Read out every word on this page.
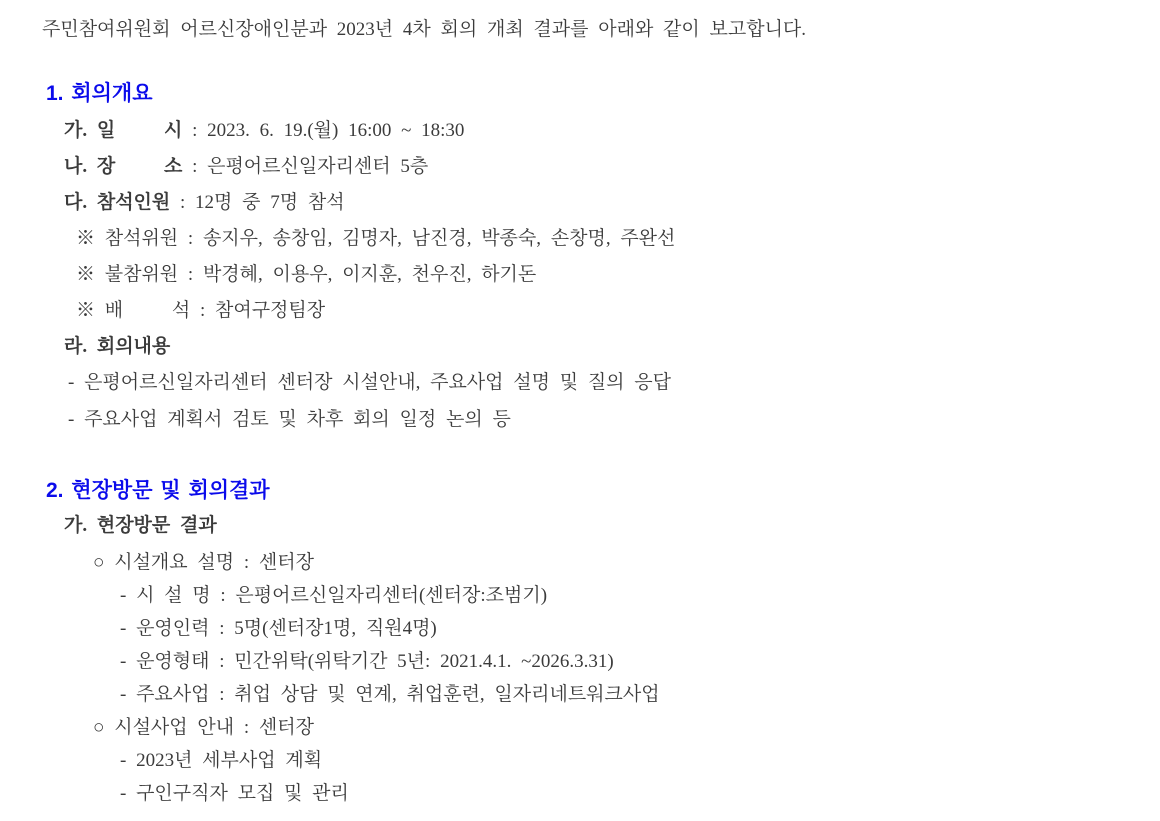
주민참여위원회 어르신장애인분과 2023년 4차 회의 개최 결과를 아래와 같이 보고합니다.
1. 회의개요
가. 일     시 : 2023. 6. 19.(월) 16:00 ~ 18:30
나. 장     소 : 은평어르신일자리센터 5층
다. 참석인원 : 12명 중 7명 참석
※ 참석위원 : 송지우, 송창임, 김명자, 남진경, 박종숙, 손창명, 주완선
※ 불참위원 : 박경혜, 이용우, 이지훈, 천우진, 하기돈
※ 배     석 : 참여구정팀장
라. 회의내용
- 은평어르신일자리센터 센터장 시설안내, 주요사업 설명 및 질의 응답
- 주요사업 계획서 검토 및 차후 회의 일정 논의 등
2. 현장방문 및 회의결과
가. 현장방문 결과
○ 시설개요 설명 : 센터장
- 시 설 명 : 은평어르신일자리센터(센터장:조범기)
- 운영인력 : 5명(센터장1명, 직원4명)
- 운영형태 : 민간위탁(위탁기간 5년: 2021.4.1. ~2026.3.31)
- 주요사업 : 취업 상담 및 연계, 취업훈련, 일자리네트워크사업
○ 시설사업 안내 : 센터장
- 2023년 세부사업 계획
- 구인구직자 모집 및 관리
